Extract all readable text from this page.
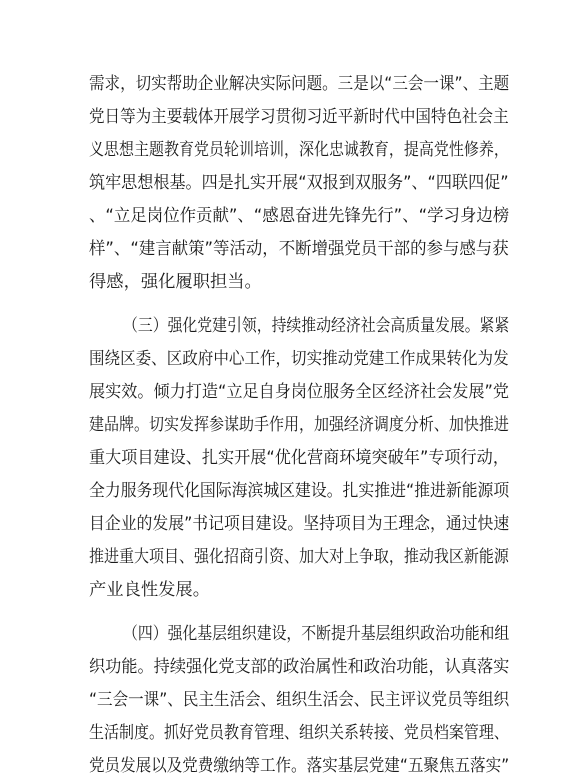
需求，切实帮助企业解决实际问题。三是以“三会一课”、主题
党日等为主要载体开展学习贯彻习近平新时代中国特色社会主
义思想主题教育党员轮训培训，深化忠诚教育，提高党性修养，
筑牢思想根基。四是扎实开展“双报到双服务”、“四联四促”
、“立足岗位作贡献”、“感恩奋进先锋先行”、“学习身边榜
样”、“建言献策”等活动，不断增强党员干部的参与感与获
得感，强化履职担当。
（三）强化党建引领，持续推动经济社会高质量发展。紧紧
围绕区委、区政府中心工作，切实推动党建工作成果转化为发
展实效。倾力打造“立足自身岗位服务全区经济社会发展”党
建品牌。切实发挥参谋助手作用，加强经济调度分析、加快推进
重大项目建设、扎实开展“优化营商环境突破年”专项行动，
全力服务现代化国际海滨城区建设。扎实推进“推进新能源项
目企业的发展”书记项目建设。坚持项目为王理念，通过快速
推进重大项目、强化招商引资、加大对上争取，推动我区新能源
产业良性发展。
（四）强化基层组织建设，不断提升基层组织政治功能和组
织功能。持续强化党支部的政治属性和政治功能，认真落实
“三会一课”、民主生活会、组织生活会、民主评议党员等组织
生活制度。抓好党员教育管理、组织关系转接、党员档案管理、
党员发展以及党费缴纳等工作。落实基层党建“五聚焦五落实”
